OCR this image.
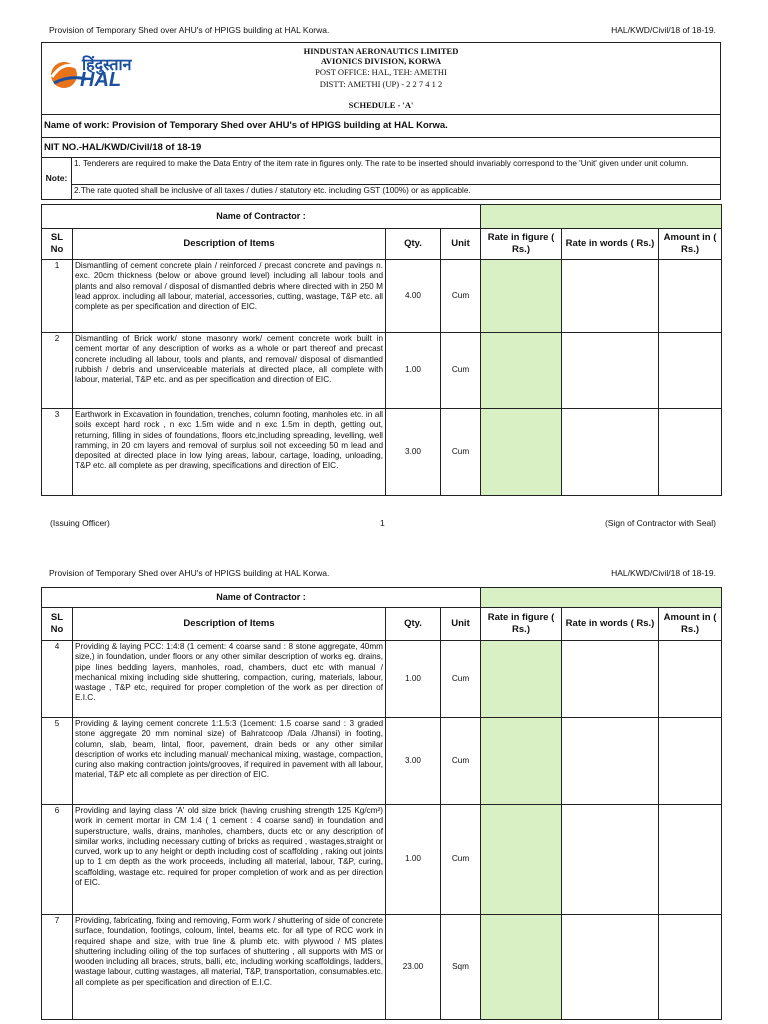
Provision of Temporary Shed over AHU's of HPIGS building at HAL Korwa.	HAL/KWD/Civil/18 of 18-19.
हिंदुस्तान
HAL
HINDUSTAN AERONAUTICS LIMITED
AVIONICS DIVISION, KORWA
POST OFFICE: HAL, TEH: AMETHI
DISTT: AMETHI (UP) - 2 2 7 4 1 2
SCHEDULE - 'A'
Name of work: Provision of Temporary Shed over AHU's of HPIGS building at HAL Korwa.
NIT NO.-HAL/KWD/Civil/18 of 18-19
Note:	1. Tenderers are required to make the Data Entry of the item rate in figures only. The rate to be inserted should invariably correspond to the 'Unit' given under unit column.
2.The rate quoted shall be inclusive of all taxes / duties / statutory etc. including GST (100%) or as applicable.
Name of Contractor :						
SL No	Description of Items	Qty.	Unit	Rate in figure ( Rs.)	Rate in words ( Rs.)	Amount in ( Rs.)
1	Dismantling of cement concrete plain / reinforced / precast concrete and pavings n. exc. 20cm thickness (below or above ground level) including all labour tools and plants and also removal / disposal of dismantled debris where directed with in 250 M lead approx. including all labour, material, accessories, cutting, wastage, T&P etc. all complete as per specification and direction of EIC.	4.00	Cum			
2	Dismantling of Brick work/ stone masonry work/ cement concrete work built in cement mortar of any description of works as a whole or part thereof and precast concrete including all labour, tools and plants, and removal/ disposal of dismantled rubbish / debris and unserviceable materials at directed place, all complete with labour, material, T&P etc. and as per specification and direction of EIC.	1.00	Cum			
3	Earthwork in Excavation in foundation, trenches, column footing, manholes etc. in all soils except hard rock , n exc 1.5m wide and n exc 1.5m in depth, getting out, returning, filling in sides of foundations, floors etc,including spreading, levelling, well ramming, in 20 cm layers and removal of surplus soil not exceeding 50 m lead and deposited at directed place in low lying areas, labour, cartage, loading, unloading, T&P etc. all complete as per drawing, specifications and direction of EIC.	3.00	Cum			
(Issuing Officer)	1	(Sign of Contractor with Seal)
Provision of Temporary Shed over AHU's of HPIGS building at HAL Korwa.	HAL/KWD/Civil/18 of 18-19.
Name of Contractor :						
SL No	Description of Items	Qty.	Unit	Rate in figure ( Rs.)	Rate in words ( Rs.)	Amount in ( Rs.)
4	Providing & laying PCC: 1:4:8 (1 cement: 4 coarse sand : 8 stone aggregate, 40mm size,) in foundation, under floors or any other similar description of works eg. drains, pipe lines bedding layers, manholes, road, chambers, duct etc with manual / mechanical mixing including side shuttering, compaction, curing, materials, labour, wastage , T&P etc, required for proper completion of the work as per direction of E.I.C.	1.00	Cum			
5	Providing & laying cement concrete 1:1.5:3 (1cement: 1.5 coarse sand : 3 graded stone aggregate 20 mm nominal size) of Bahratcoop /Dala /Jhansi) in footing, column, slab, beam, lintal, floor, pavement, drain beds or any other similar description of works etc including manual/ mechanical mixing, wastage, compaction, curing also making contraction joints/grooves, if required in pavement with all labour, material, T&P etc all complete as per direction of EIC.	3.00	Cum			
6	Providing and laying class 'A' old size brick (having crushing strength 125 Kg/cm²) work in cement mortar in CM 1:4 ( 1 cement : 4 coarse sand) in foundation and superstructure, walls, drains, manholes, chambers, ducts etc or any description of similar works, including necessary cutting of bricks as required , wastages,straight or curved, work up to any height or depth including cost of scaffolding , raking out joints up to 1 cm depth as the work proceeds, including all material, labour, T&P, curing, scaffolding, wastage etc. required for proper completion of work and as per direction of EIC.	1.00	Cum			
7	Providing, fabricating, fixing and removing, Form work / shuttering of side of concrete surface, foundation, footings, coloum, lintel, beams etc. for all type of RCC work in required shape and size, with true line & plumb etc. with plywood / MS plates shuttering including oiling of the top surfaces of shuttering , all supports with MS or wooden including all braces, struts, balli, etc, including working scaffoldings, ladders, wastage labour, cutting wastages, all material, T&P, transportation, consumables.etc. all complete as per specification and direction of E.I.C.	23.00	Sqm			
